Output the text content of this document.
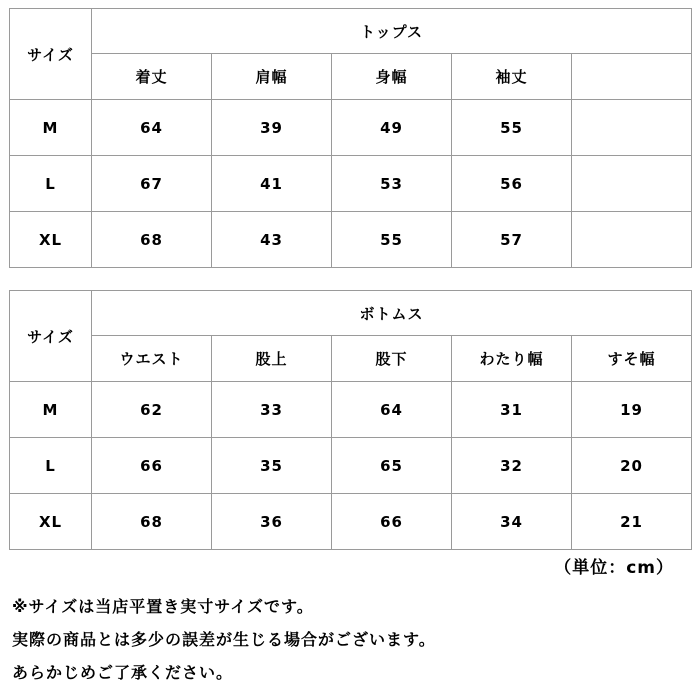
サイズ	トップス				
	着丈	肩幅	身幅	袖丈	
M	64	39	49	55	
L	67	41	53	56	
XL	68	43	55	57	
サイズ	ボトムス				
	ウエスト	股上	股下	わたり幅	すそ幅
M	62	33	64	31	19
L	66	35	65	32	20
XL	68	36	66	34	21
（単位：cm）
※サイズは当店平置き実寸サイズです。
実際の商品とは多少の誤差が生じる場合がございます。
あらかじめご了承ください。
